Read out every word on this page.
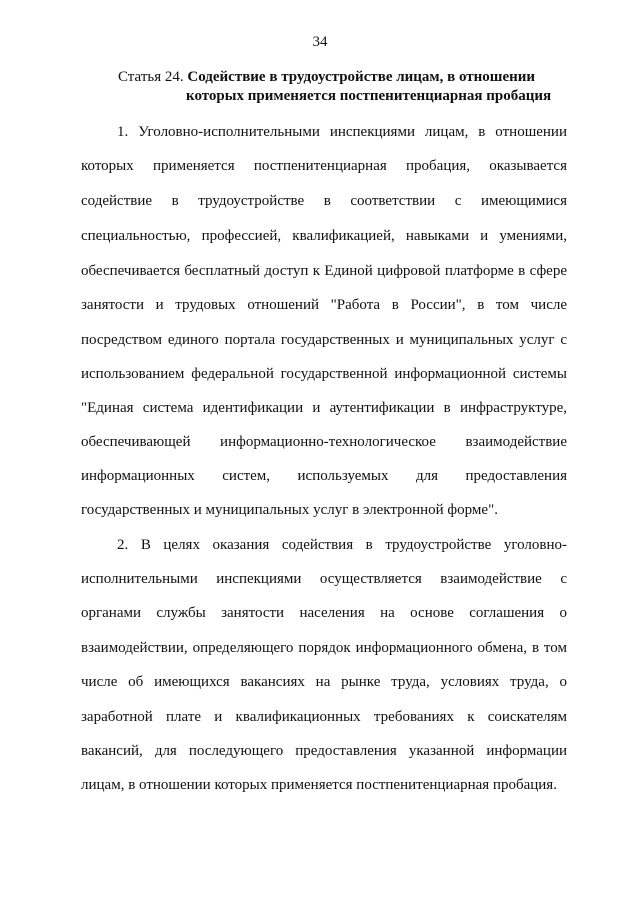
34
Статья 24. Содействие в трудоустройстве лицам, в отношении
которых применяется постпенитенциарная пробация
1. Уголовно-исполнительными инспекциями лицам, в отношении
которых применяется постпенитенциарная пробация, оказывается
содействие в трудоустройстве в соответствии с имеющимися
специальностью, профессией, квалификацией, навыками и умениями,
обеспечивается бесплатный доступ к Единой цифровой платформе в сфере
занятости и трудовых отношений "Работа в России", в том числе
посредством единого портала государственных и муниципальных услуг с
использованием федеральной государственной информационной системы
"Единая система идентификации и аутентификации в инфраструктуре,
обеспечивающей информационно-технологическое взаимодействие
информационных систем, используемых для предоставления
государственных и муниципальных услуг в электронной форме".
2. В целях оказания содействия в трудоустройстве уголовно-
исполнительными инспекциями осуществляется взаимодействие с
органами службы занятости населения на основе соглашения о
взаимодействии, определяющего порядок информационного обмена, в том
числе об имеющихся вакансиях на рынке труда, условиях труда, о
заработной плате и квалификационных требованиях к соискателям
вакансий, для последующего предоставления указанной информации
лицам, в отношении которых применяется постпенитенциарная пробация.
